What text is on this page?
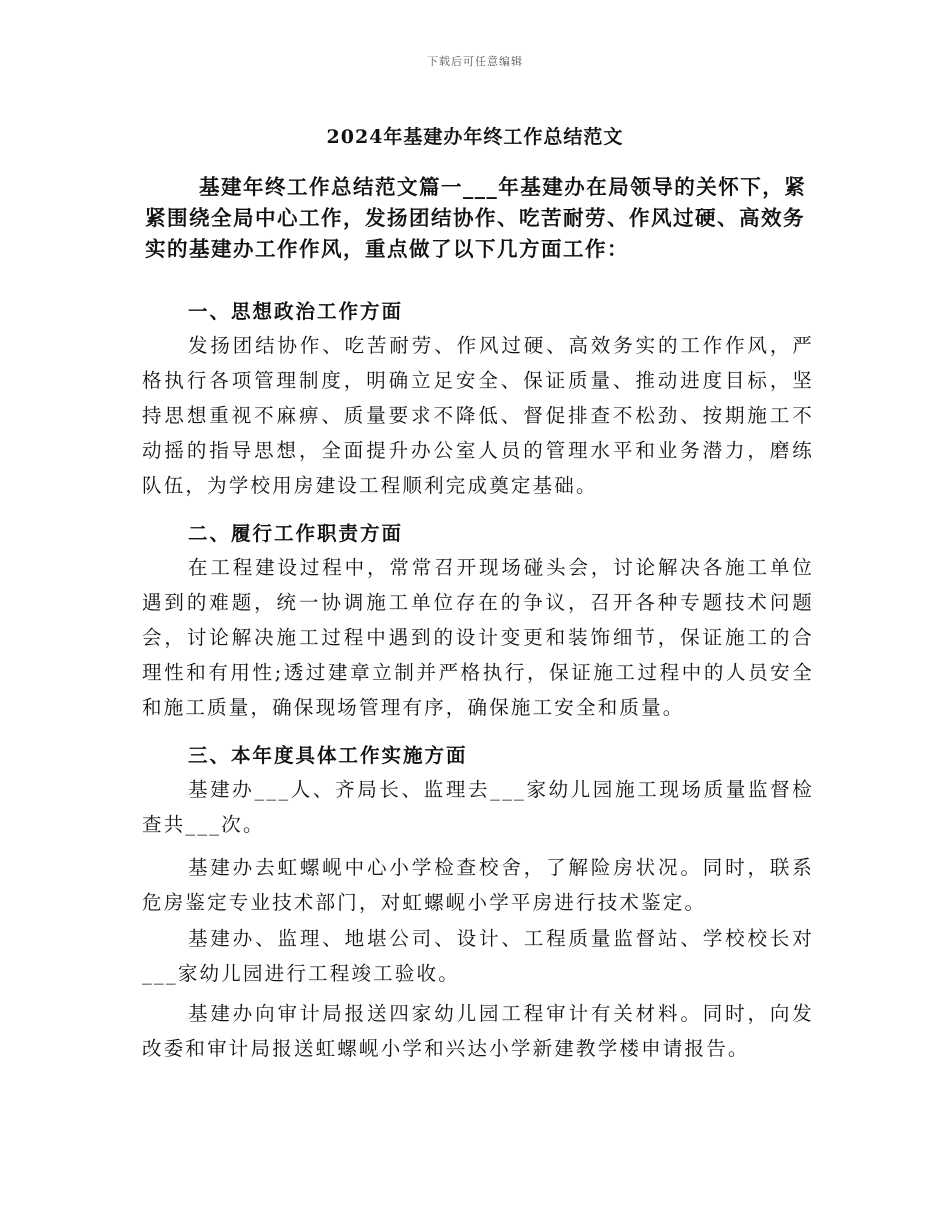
下载后可任意编辑
2024年基建办年终工作总结范文

基建年终工作总结范文篇一___年基建办在局领导的关怀下，紧紧围绕全局中心工作，发扬团结协作、吃苦耐劳、作风过硬、高效务实的基建办工作作风，重点做了以下几方面工作：

一、思想政治工作方面

发扬团结协作、吃苦耐劳、作风过硬、高效务实的工作作风，严格执行各项管理制度，明确立足安全、保证质量、推动进度目标，坚持思想重视不麻痹、质量要求不降低、督促排查不松劲、按期施工不动摇的指导思想，全面提升办公室人员的管理水平和业务潜力，磨练队伍，为学校用房建设工程顺利完成奠定基础。

二、履行工作职责方面

在工程建设过程中，常常召开现场碰头会，讨论解决各施工单位遇到的难题，统一协调施工单位存在的争议，召开各种专题技术问题会，讨论解决施工过程中遇到的设计变更和装饰细节，保证施工的合理性和有用性;透过建章立制并严格执行，保证施工过程中的人员安全和施工质量，确保现场管理有序，确保施工安全和质量。

三、本年度具体工作实施方面

基建办___人、齐局长、监理去___家幼儿园施工现场质量监督检查共___次。

基建办去虹螺岘中心小学检查校舍，了解险房状况。同时，联系危房鉴定专业技术部门，对虹螺岘小学平房进行技术鉴定。

基建办、监理、地堪公司、设计、工程质量监督站、学校校长对___家幼儿园进行工程竣工验收。

基建办向审计局报送四家幼儿园工程审计有关材料。同时，向发改委和审计局报送虹螺岘小学和兴达小学新建教学楼申请报告。
